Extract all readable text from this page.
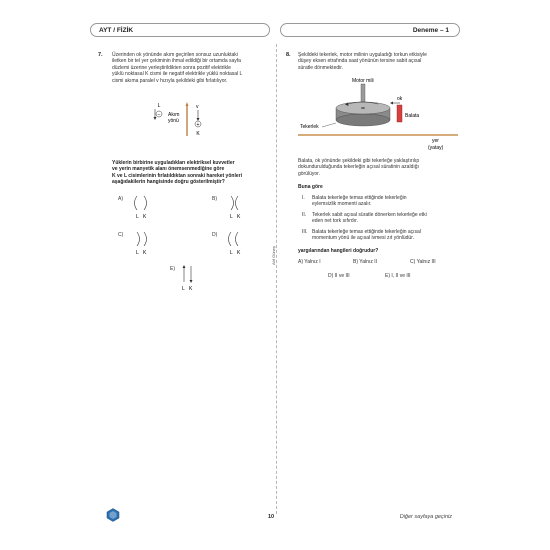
AYT / FİZİK	Deneme – 1
Atıf Güneş
7. Üzerinden ok yönünde akım geçirilen sonsuz uzunluktaki
iletken bir tel yer çekiminin ihmal edildiği bir ortamda sayfa
düzlemi üzerine yerleştirildikten sonra pozitif elektrikle
yüklü noktasal K cismi ile negatif elektrikle yüklü noktasal L
cismi akıma paralel v hızıyla şekildeki gibi fırlatılıyor.
L
− Akım
yönü
v
+
K
Yüklerin birbirine uyguladıkları elektriksel kuvvetler
ve yerin manyetik alanı önemsenmediğine göre
K ve L cisimlerinin fırlatıldıktan sonraki hareket yönleri
aşağıdakilerin hangisinde doğru gösterilmiştir?
A)
L K
B)
L K
C)
L K
D)
L K
E)
L K
8. Şekildeki tekerlek, motor milinin uyguladığı torkun etkisiyle
düşey eksen etrafında saat yönünün tersine sabit açısal
süratle dönmektedir.
Motor mili
ok
Balata
Tekerlek
yer
(yatay)
Balata, ok yönünde şekildeki gibi tekerleğe yaklaştırılıp
dokundurulduğunda tekerleğin açısal süratinin azaldığı
görülüyor.
Buna göre
I. Balata tekerleğe temas ettiğinde tekerleğin
eylemsizlik momenti azalır.
II. Tekerlek sabit açısal süratle dönerken tekerleğe etki
eden net tork sıfırdır.
III. Balata tekerleğe temas ettiğinde tekerleğin açısal
momentum yönü ile açısal ivmesi zıt yönlüdür.
yargılarından hangileri doğrudur?
A) Yalnız I	B) Yalnız II	C) Yalnız III
D) II ve III	E) I, II ve III
10	Diğer sayfaya geçiniz
